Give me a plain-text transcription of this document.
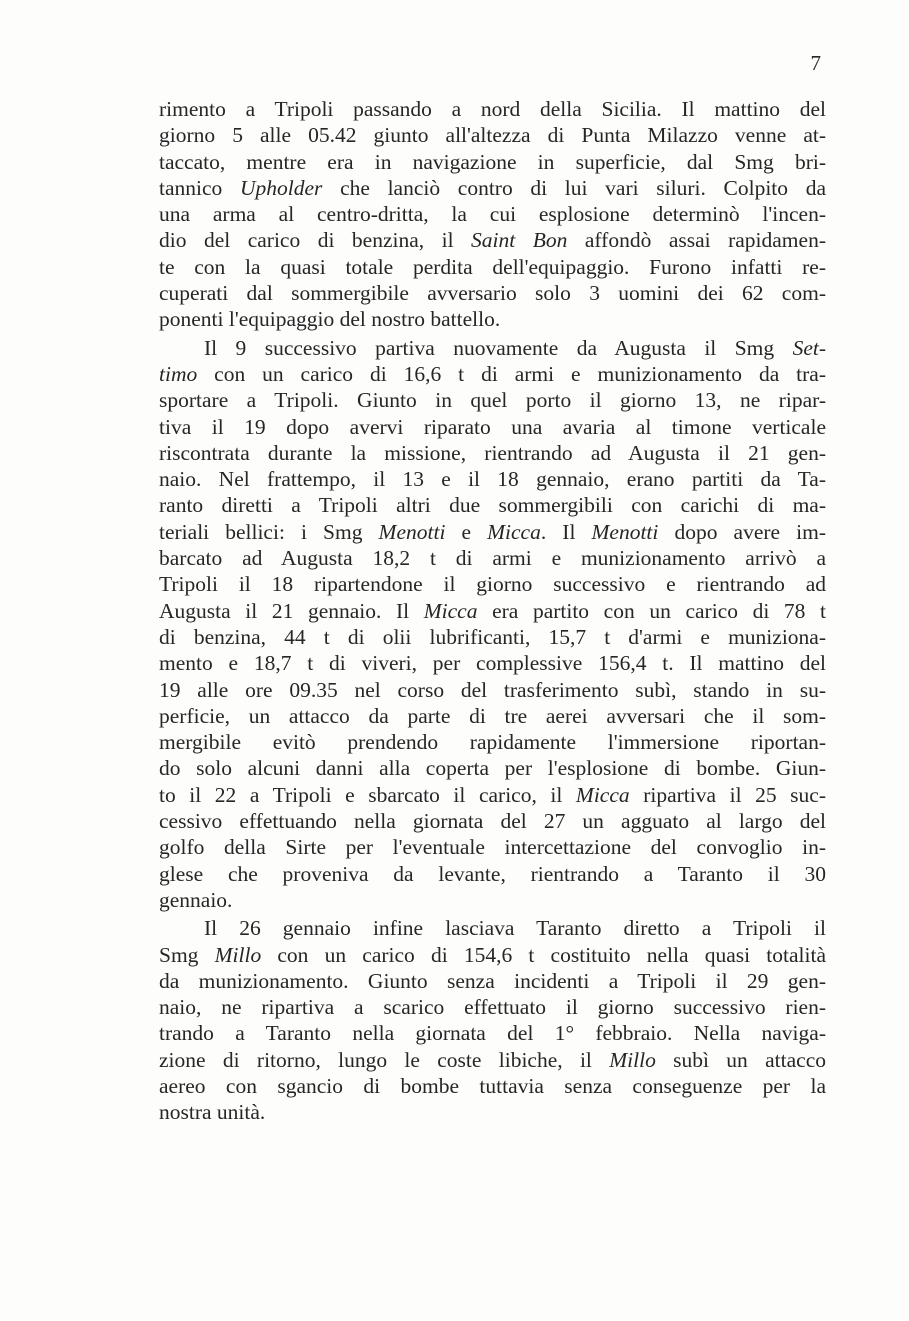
7
rimento a Tripoli passando a nord della Sicilia. Il mattino del
giorno 5 alle 05.42 giunto all'altezza di Punta Milazzo venne at-
taccato, mentre era in navigazione in superficie, dal Smg bri-
tannico Upholder che lanciò contro di lui vari siluri. Colpito da
una arma al centro-dritta, la cui esplosione determinò l'incen-
dio del carico di benzina, il Saint Bon affondò assai rapidamen-
te con la quasi totale perdita dell'equipaggio. Furono infatti re-
cuperati dal sommergibile avversario solo 3 uomini dei 62 com-
ponenti l'equipaggio del nostro battello.
Il 9 successivo partiva nuovamente da Augusta il Smg Set-
timo con un carico di 16,6 t di armi e munizionamento da tra-
sportare a Tripoli. Giunto in quel porto il giorno 13, ne ripar-
tiva il 19 dopo avervi riparato una avaria al timone verticale
riscontrata durante la missione, rientrando ad Augusta il 21 gen-
naio. Nel frattempo, il 13 e il 18 gennaio, erano partiti da Ta-
ranto diretti a Tripoli altri due sommergibili con carichi di ma-
teriali bellici: i Smg Menotti e Micca. Il Menotti dopo avere im-
barcato ad Augusta 18,2 t di armi e munizionamento arrivò a
Tripoli il 18 ripartendone il giorno successivo e rientrando ad
Augusta il 21 gennaio. Il Micca era partito con un carico di 78 t
di benzina, 44 t di olii lubrificanti, 15,7 t d'armi e muniziona-
mento e 18,7 t di viveri, per complessive 156,4 t. Il mattino del
19 alle ore 09.35 nel corso del trasferimento subì, stando in su-
perficie, un attacco da parte di tre aerei avversari che il som-
mergibile evitò prendendo rapidamente l'immersione riportan-
do solo alcuni danni alla coperta per l'esplosione di bombe. Giun-
to il 22 a Tripoli e sbarcato il carico, il Micca ripartiva il 25 suc-
cessivo effettuando nella giornata del 27 un agguato al largo del
golfo della Sirte per l'eventuale intercettazione del convoglio in-
glese che proveniva da levante, rientrando a Taranto il 30
gennaio.
Il 26 gennaio infine lasciava Taranto diretto a Tripoli il
Smg Millo con un carico di 154,6 t costituito nella quasi totalità
da munizionamento. Giunto senza incidenti a Tripoli il 29 gen-
naio, ne ripartiva a scarico effettuato il giorno successivo rien-
trando a Taranto nella giornata del 1° febbraio. Nella naviga-
zione di ritorno, lungo le coste libiche, il Millo subì un attacco
aereo con sgancio di bombe tuttavia senza conseguenze per la
nostra unità.
